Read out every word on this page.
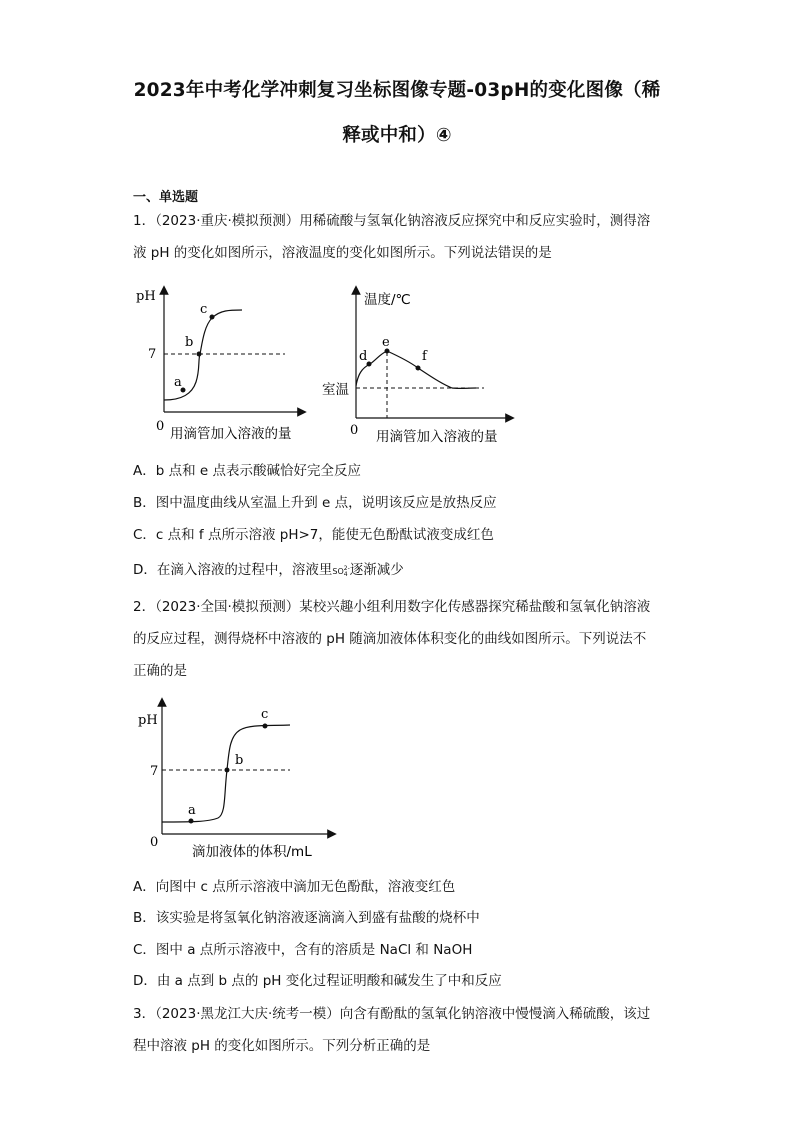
2023年中考化学冲刺复习坐标图像专题-03pH的变化图像（稀
释或中和）④
一、单选题
1．（2023·重庆·模拟预测）用稀硫酸与氢氧化钠溶液反应探究中和反应实验时，测得溶
液 pH 的变化如图所示，溶液温度的变化如图所示。下列说法错误的是
pH
7
0
a
b
c
用滴管加入溶液的量
温度/℃
室温
0
d
e
f
用滴管加入溶液的量
A．b 点和 e 点表示酸碱恰好完全反应
B．图中温度曲线从室温上升到 e 点，说明该反应是放热反应
C．c 点和 f 点所示溶液 pH>7，能使无色酚酞试液变成红色
D．在滴入溶液的过程中，溶液里SO 2-
4 逐渐减少
2．（2023·全国·模拟预测）某校兴趣小组利用数字化传感器探究稀盐酸和氢氧化钠溶液
的反应过程，测得烧杯中溶液的 pH 随滴加液体体积变化的曲线如图所示。下列说法不
正确的是
pH
7
0
a
b
c
滴加液体的体积/mL
A．向图中 c 点所示溶液中滴加无色酚酞，溶液变红色
B．该实验是将氢氧化钠溶液逐滴滴入到盛有盐酸的烧杯中
C．图中 a 点所示溶液中，含有的溶质是 NaCl 和 NaOH
D．由 a 点到 b 点的 pH 变化过程证明酸和碱发生了中和反应
3．（2023·黑龙江大庆·统考一模）向含有酚酞的氢氧化钠溶液中慢慢滴入稀硫酸，该过
程中溶液 pH 的变化如图所示。下列分析正确的是
